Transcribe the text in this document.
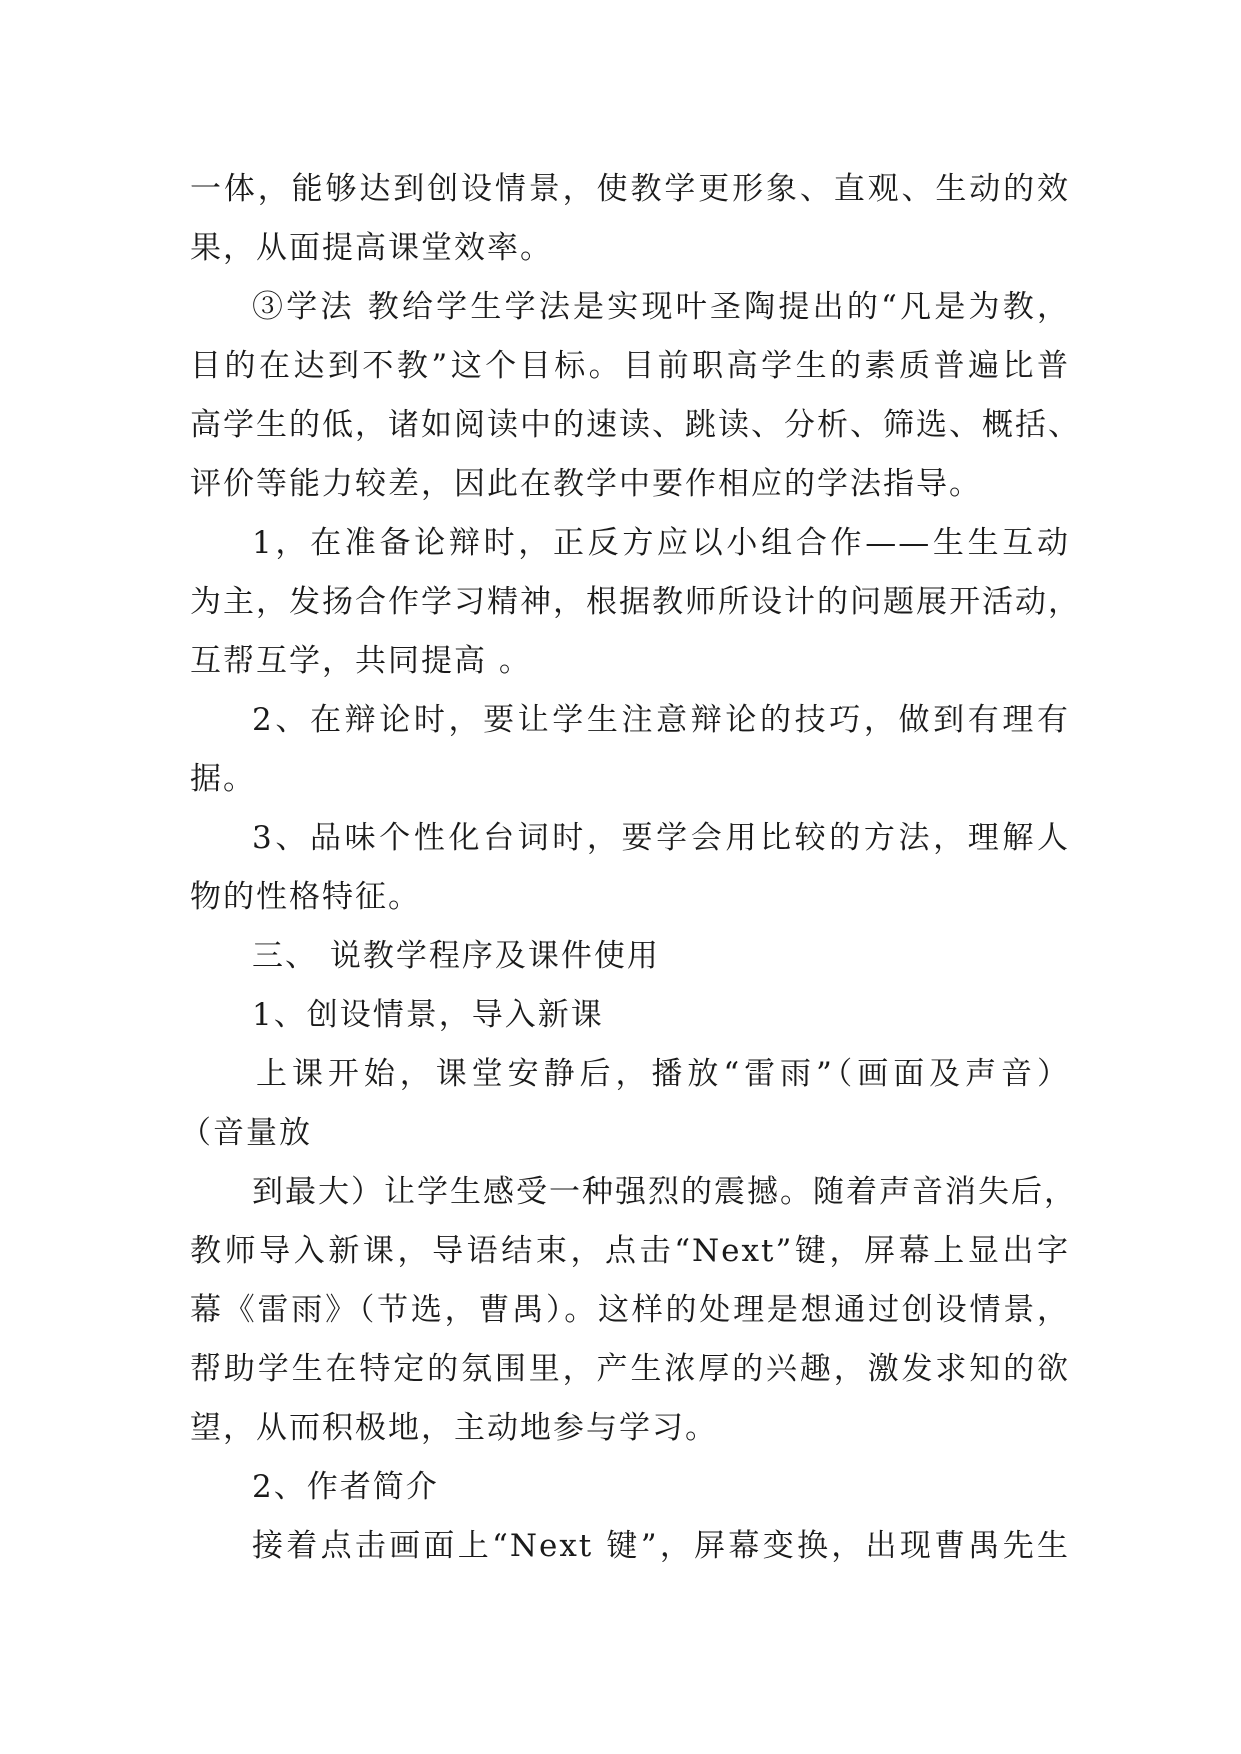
一体，能够达到创设情景，使教学更形象、直观、生动的效
果，从面提高课堂效率。
③学法 教给学生学法是实现叶圣陶提出的“凡是为教，
目的在达到不教”这个目标。目前职高学生的素质普遍比普
高学生的低，诸如阅读中的速读、跳读、分析、筛选、概括、
评价等能力较差，因此在教学中要作相应的学法指导。
1，在准备论辩时，正反方应以小组合作——生生互动
为主，发扬合作学习精神，根据教师所设计的问题展开活动，
互帮互学，共同提高 。
2、在辩论时，要让学生注意辩论的技巧，做到有理有
据。
3、品味个性化台词时，要学会用比较的方法，理解人
物的性格特征。
三、 说教学程序及课件使用
1、创设情景，导入新课
上课开始，课堂安静后，播放“雷雨”（画面及声音）
（音量放
到最大）让学生感受一种强烈的震撼。随着声音消失后，
教师导入新课，导语结束，点击“Next”键，屏幕上显出字
幕《雷雨》（节选，曹禺）。这样的处理是想通过创设情景，
帮助学生在特定的氛围里，产生浓厚的兴趣，激发求知的欲
望，从而积极地，主动地参与学习。
2、作者简介
接着点击画面上“Next 键”，屏幕变换，出现曹禺先生
